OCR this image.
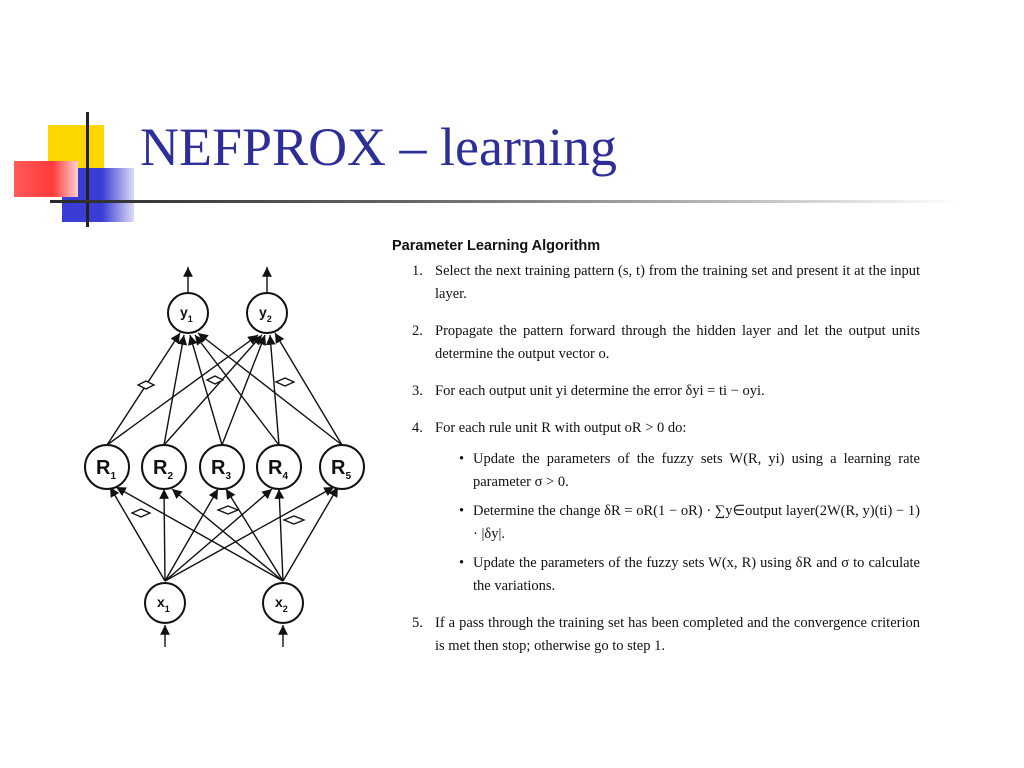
NEFPROX – learning
$y_1$	$y_2$
$R_1$ $R_2$ $R_3$ $R_4$ $R_5$
$x_1$	$x_2$
Parameter Learning Algorithm
1. Select the next training pattern (s, t) from the training set and present it at the input layer.
2. Propagate the pattern forward through the hidden layer and let the output units determine the output vector o.
3. For each output unit yi determine the error δyi = ti − oyi.
4. For each rule unit R with output oR > 0 do:
• Update the parameters of the fuzzy sets W(R, yi) using a learning rate parameter σ > 0.
• Determine the change δR = oR(1 − oR) · ∑y∈output layer(2W(R, y)(ti) − 1) · |δy|.
• Update the parameters of the fuzzy sets W(x, R) using δR and σ to calculate the variations.
5. If a pass through the training set has been completed and the convergence criterion is met then stop; otherwise go to step 1.
